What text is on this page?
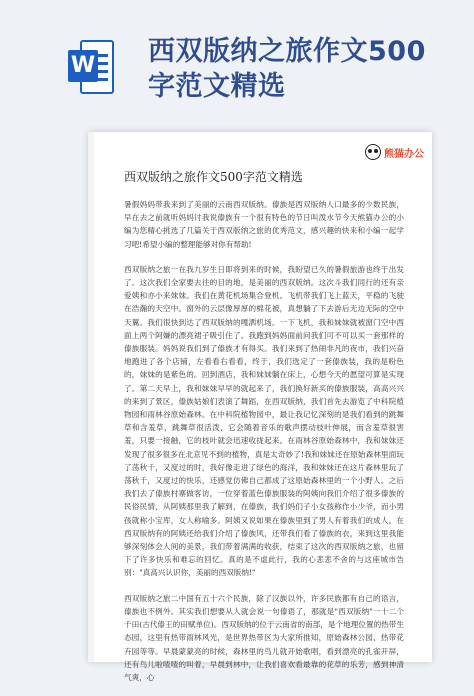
W 西双版纳之旅作文500字范文精选
熊猫办公
西双版纳之旅作文500字范文精选

暑假妈妈带我来到了美丽的云南西双版纳。傣族是西双版纳人口最多的少数民族，早在去之前就听妈妈讨我说傣族有一个很有特色的节日叫泼水节今天熊猫办公的小编为您精心挑选了几篇关于西双版纳之旅的优秀范文，感兴趣的快来和小编一起学习吧!希望小编的整理能够对你有帮助!

西双版纳之旅一在我九岁生日即将到来的时候，我盼望已久的暑假旅游也终于出发了。这次我们全家要去往的目的地，是美丽的西双版纳。这次斗我们同行的还有亲爱姨和亦小来妹妹。我们在黄花机场集合登机。飞机带我们飞上蓝天，平稳的飞驶在浩瀚的天空中。窗外的云层像厚厚的棉花被，真想躺了下去游后无边无际的空中天翼。我们很快到达了西双版纳的嘎洒机场。一下飞机，我和妹妹就被窗门空中西面上两个阿嫌的漂亮裙子吸引住了。我跑到妈妈面前问我们可不可以买一套那样的傣族服装。妈妈说我们到了傣族才有得买。我们来到了热闹非凡的夜市，我们兴奋地跑进了各个店铺，左看看右看看，终于，我们选定了一套傣族装，我的是粉色的，妹妹的是紫色的。回到酒店，我和妹妹躺在床上，心想今天的愿望可算是实现了。第二天早上，我和妹妹早早的就起来了，我们换好新买的傣族服装，高高兴兴的来到了景区，傣族姑娘们表演了舞蹈，在西双版纳，我们首先去游览了中科院植物园和雨林谷原始森林。在中科院植物园中，最让我记忆深刻的是我们看到的跳舞草和含羞草，跳舞草很活泼，它会随着音乐的歌声摆动枝叶伸展，而含羞草很害羞，只要一接触，它的枝叶就会迅速收拢起来。在雨林谷原始森林中，我和妹妹还发现了很多很多在北京见不到的植物，真是太奇妙了!我和妹妹还在原始森林里面玩了荡秋千，又度过的时，我好像走进了绿色的海洋，我和妹妹还在这片森林里玩了荡秋千，又度过的快乐，还感觉仿佛自己都成了这原始森林里的一个小野人。之后我们去了傣族村寨做客访，一位穿着蓝色傣族服装的阿姨向我们介绍了很多傣族的民俗民情，从阿姨那里我了解到，在傣族，我们妈们子小女孩称作小少爷，而小男孩就称小宝库，女人称喻多。阿姨又说如果在傣族里到了男人有着我们的成人。在西双版纳有的阿姨还给我们介绍了傣族风，还带我们看了傣族的衣，来到这里我能够深刻体会人间的美景，我们带着满满的收获，结束了这次的西双版纳之旅，也留下了许多快乐和难忘的回忆。真的是不虚此行，我的心悲悲不舍的与这座城市告别："真高兴认识你，美丽的西双版纳!"

西双版纳之旅二中国有五十六个民族，除了汉族以外，许多民族都有自己的语言，傣族也不例外。其实我们想要从人就会说一句傣语了，那就是"西双版纳"一十二个千田(古代傣王的田赋单位)。西双版纳的位于云南省的南部，是个地理位置的热带生态园，这里有热带雨林风光，是世界热带区为大家所推知，原始森林公园、热带花卉园等等。早晨蒙蒙亮的时候，森林里的鸟儿就开始歌唱，看到漂亮的孔雀开屏，还有鸟儿啦喳喳的叫着，早晨到林中，让我们喜欢看最靠的花草的乐芳，感到神清气爽，心
